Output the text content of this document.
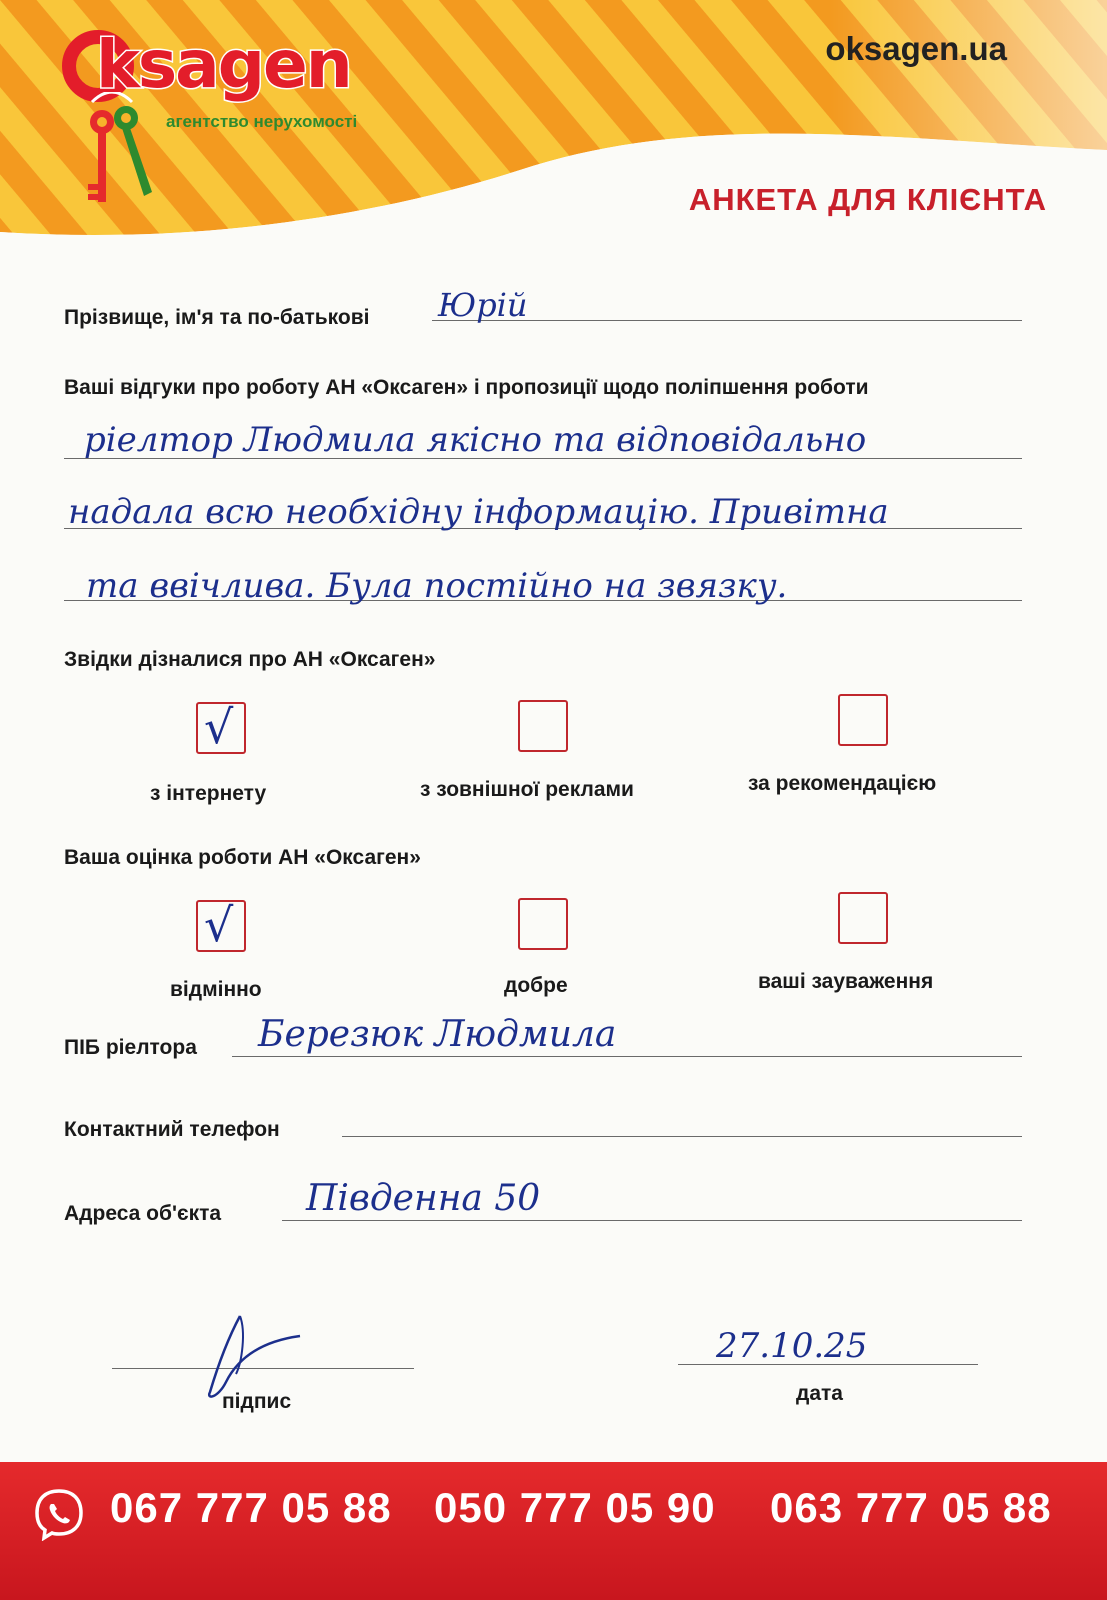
ksagen
агентство нерухомості
oksagen.ua
АНКЕТА ДЛЯ КЛІЄНТА
Прізвище, ім'я та по-батькові Юрій
Ваші відгуки про роботу АН «Оксаген» і пропозиції щодо поліпшення роботи
ріелтор Людмила якісно та відповідально
надала всю необхідну інформацію. Привітна
та ввічлива. Була постійно на звязку.
Звідки дізналися про АН «Оксаген»
√
з інтернету	з зовнішної реклами	за рекомендацією
Ваша оцінка роботи АН «Оксаген»
√
відмінно	добре	ваші зауваження
ПІБ ріелтора Березюк Людмила
Контактний телефон
Адреса об'єкта Південна 50
підпис
27.10.25
дата
067 777 05 88 050 777 05 90 063 777 05 88
